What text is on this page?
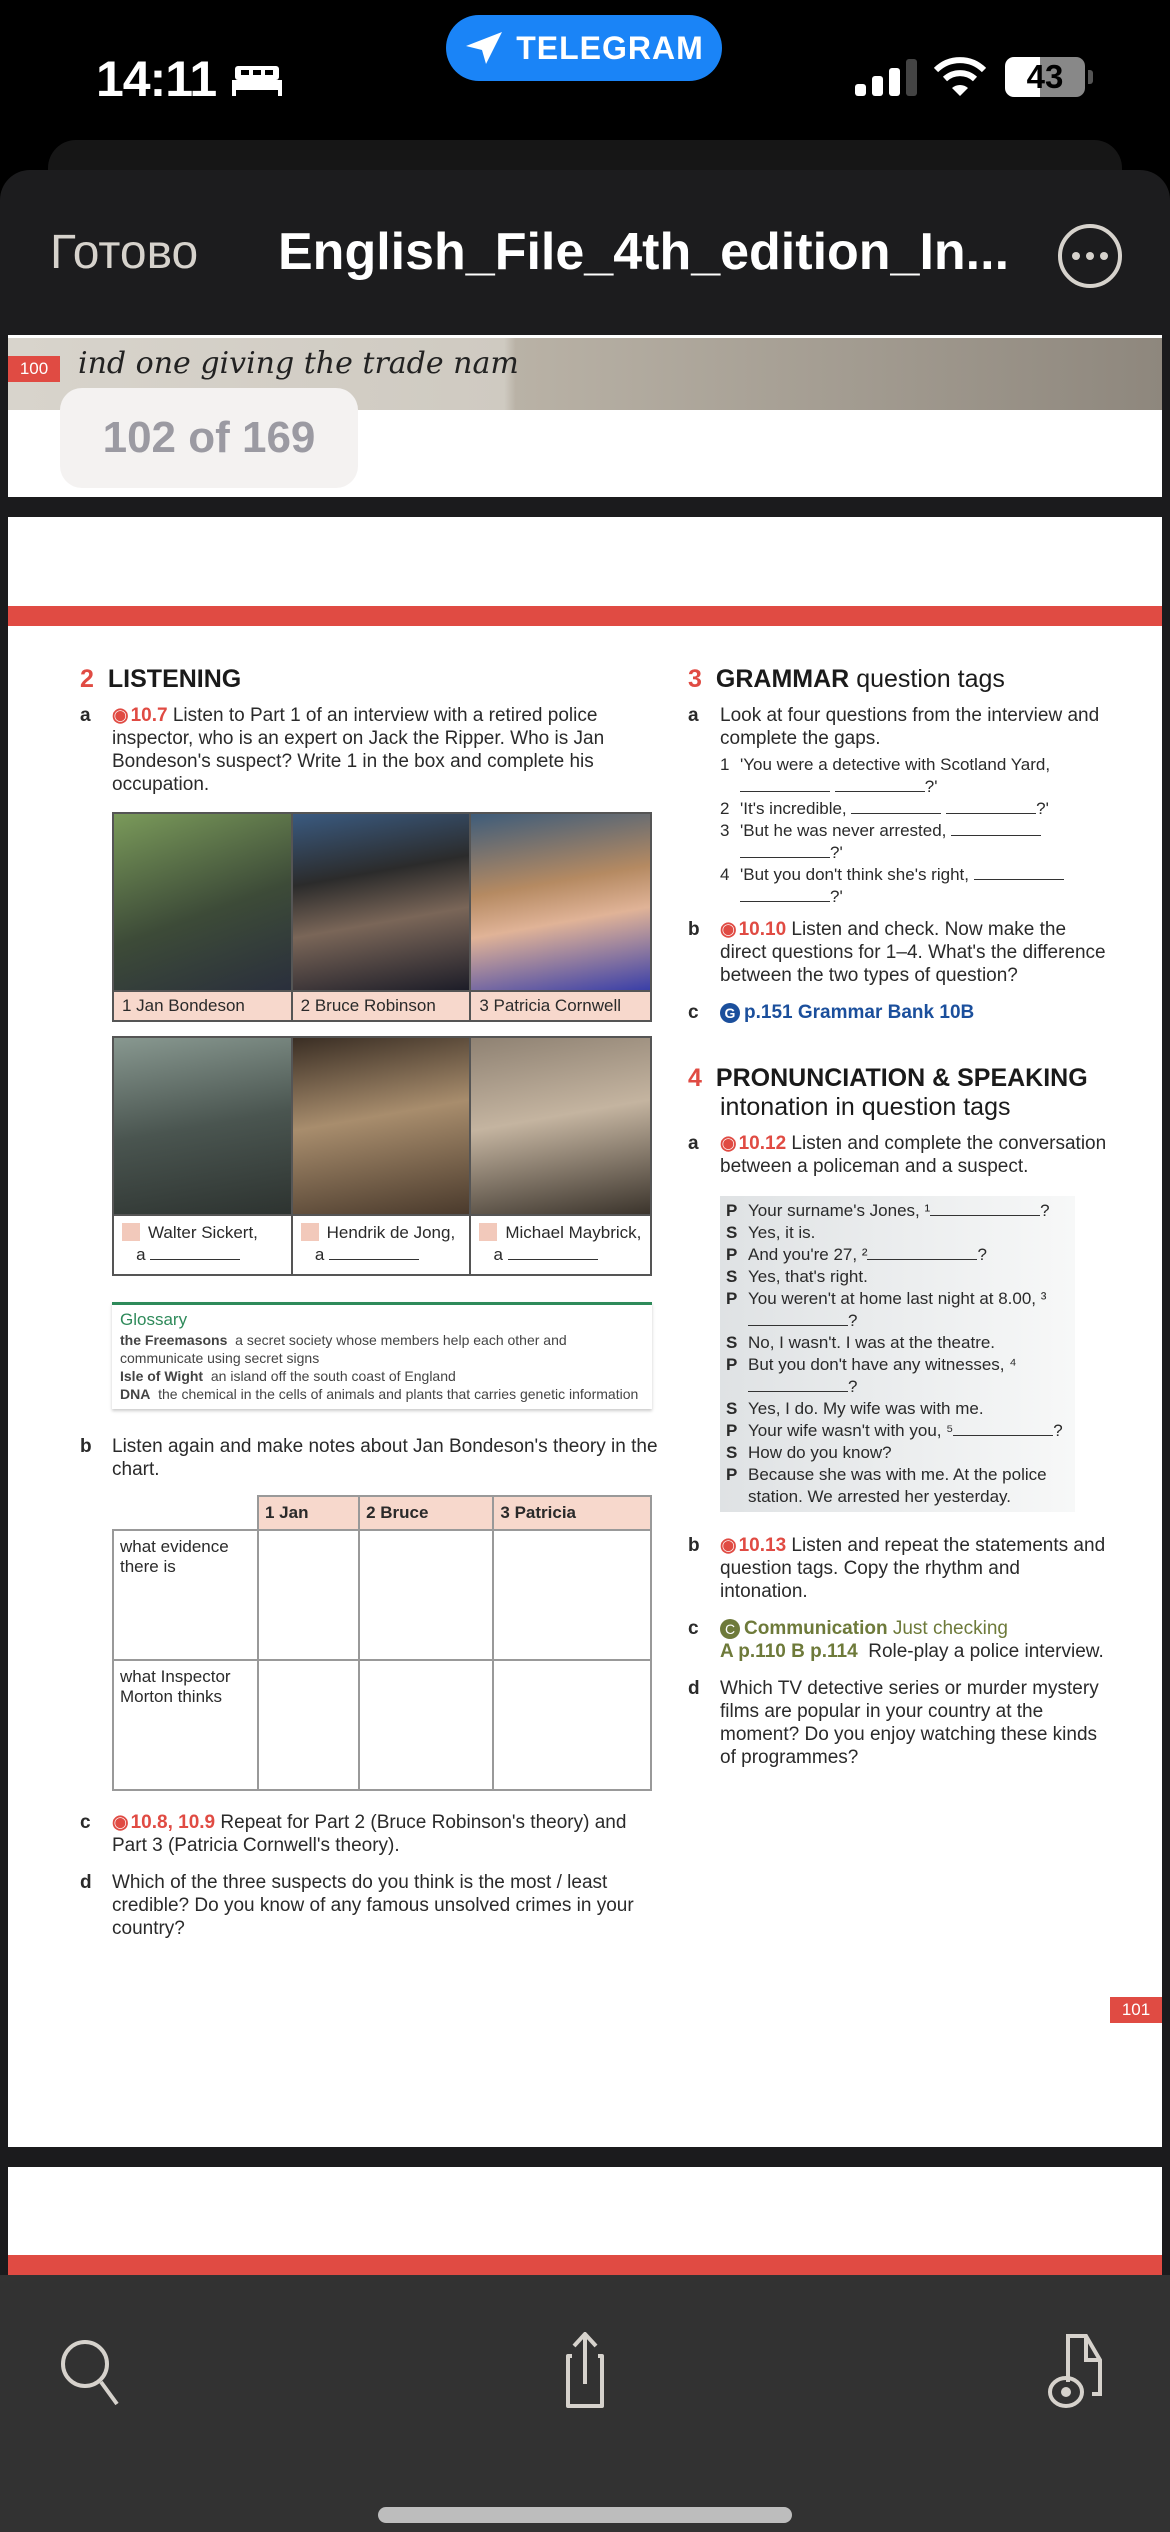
14:11
TELEGRAM
43
Готово English_File_4th_edition_In...
ind one giving the trade nam
100
2 LISTENING
a ◉ 10.7 Listen to Part 1 of an interview with a retired police inspector, who is an expert on Jack the Ripper. Who is Jan Bondeson's suspect? Write 1 in the box and complete his occupation.
1 Jan Bondeson	2 Bruce Robinson	3 Patricia Cornwell
Walter Sickert,
a
Hendrik de Jong,
a
Michael Maybrick,
a
Glossary
the Freemasons a secret society whose members help each other and communicate using secret signs
Isle of Wight an island off the south coast of England
DNA the chemical in the cells of animals and plants that carries genetic information
b Listen again and make notes about Jan Bondeson's theory in the chart.
	1 Jan	2 Bruce	3 Patricia
what evidence there is			
what Inspector Morton thinks			
c ◉ 10.8, 10.9 Repeat for Part 2 (Bruce Robinson's theory) and Part 3 (Patricia Cornwell's theory).
d Which of the three suspects do you think is the most / least credible? Do you know of any famous unsolved crimes in your country?
3 GRAMMAR question tags
a Look at four questions from the interview and complete the gaps.
1 'You were a detective with Scotland Yard,  ?'
2 'It's incredible,	?'
3 'But he was never arrested,  ?'
4 'But you don't think she's right,  ?'
b ◉ 10.10 Listen and check. Now make the direct questions for 1–4. What's the difference between the two types of question?
c G p.151 Grammar Bank 10B
4 PRONUNCIATION & SPEAKING
intonation in question tags
a ◉ 10.12 Listen and complete the conversation between a policeman and a suspect.
P Your surname's Jones, ¹	?
S Yes, it is.
P And you're 27, ²	?
S Yes, that's right.
P You weren't at home last night at 8.00, ³?
S No, I wasn't. I was at the theatre.
P But you don't have any witnesses, ⁴?
S Yes, I do. My wife was with me.
P Your wife wasn't with you, ⁵	?
S How do you know?
P Because she was with me. At the police station. We arrested her yesterday.
b ◉ 10.13 Listen and repeat the statements and question tags. Copy the rhythm and intonation.
c C Communication Just checking
A p.110 B p.114 Role-play a police interview.
d Which TV detective series or murder mystery films are popular in your country at the moment? Do you enjoy watching these kinds of programmes?
101
102 of 169
